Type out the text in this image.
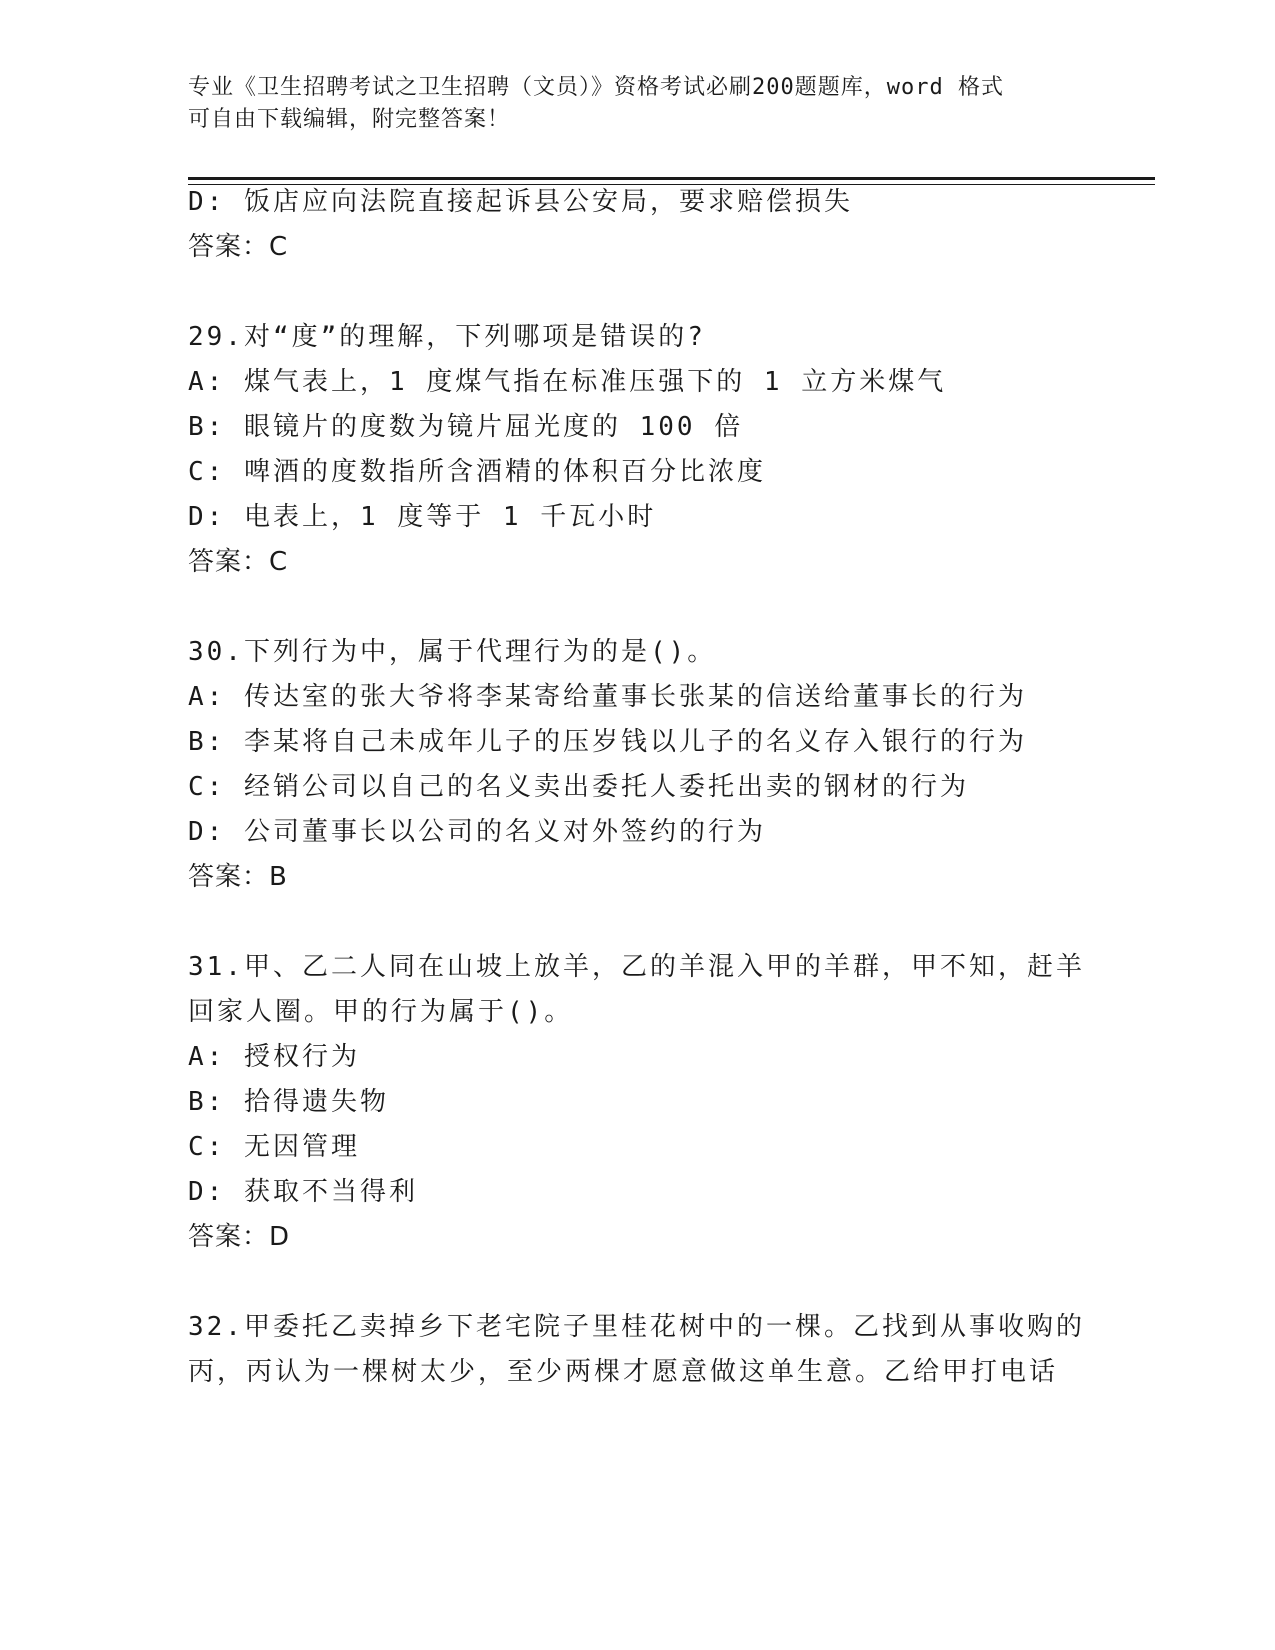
专业《卫生招聘考试之卫生招聘（文员）》资格考试必刷200题题库，word 格式
可自由下载编辑，附完整答案！
D: 饭店应向法院直接起诉县公安局，要求赔偿损失
答案：C
29.对“度”的理解，下列哪项是错误的?
A: 煤气表上，1 度煤气指在标准压强下的 1 立方米煤气
B: 眼镜片的度数为镜片屈光度的 100 倍
C: 啤酒的度数指所含酒精的体积百分比浓度
D: 电表上，1 度等于 1 千瓦小时
答案：C
30.下列行为中，属于代理行为的是()。
A: 传达室的张大爷将李某寄给董事长张某的信送给董事长的行为
B: 李某将自己未成年儿子的压岁钱以儿子的名义存入银行的行为
C: 经销公司以自己的名义卖出委托人委托出卖的钢材的行为
D: 公司董事长以公司的名义对外签约的行为
答案：B
31.甲、乙二人同在山坡上放羊，乙的羊混入甲的羊群，甲不知，赶羊
回家人圈。甲的行为属于()。
A: 授权行为
B: 拾得遗失物
C: 无因管理
D: 获取不当得利
答案：D
32.甲委托乙卖掉乡下老宅院子里桂花树中的一棵。乙找到从事收购的
丙，丙认为一棵树太少，至少两棵才愿意做这单生意。乙给甲打电话
